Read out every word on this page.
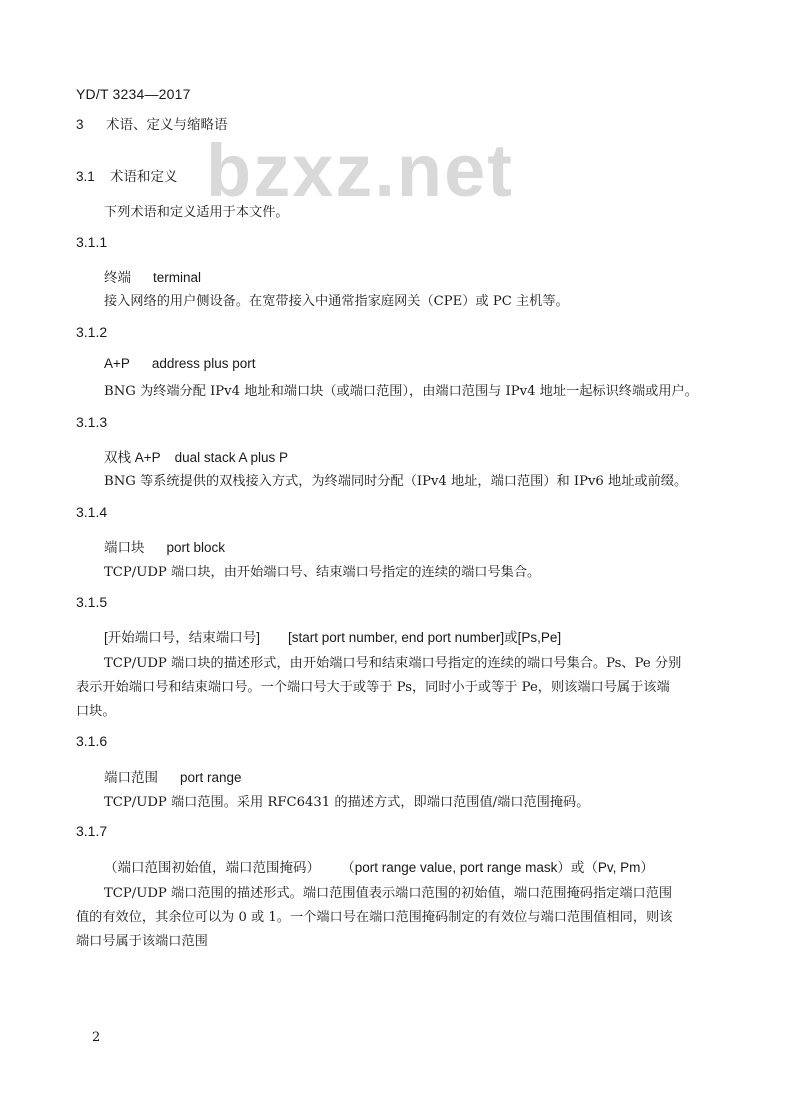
bzxz.net
YD/T 3234—2017
3 术语、定义与缩略语
3.1 术语和定义
下列术语和定义适用于本文件。
3.1.1
终端 terminal
接入网络的用户侧设备。在宽带接入中通常指家庭网关（CPE）或 PC 主机等。
3.1.2
A+P address plus port
BNG 为终端分配 IPv4 地址和端口块（或端口范围），由端口范围与 IPv4 地址一起标识终端或用户。
3.1.3
双栈 A+P dual stack A plus P
BNG 等系统提供的双栈接入方式，为终端同时分配（IPv4 地址，端口范围）和 IPv6 地址或前缀。
3.1.4
端口块 port block
TCP/UDP 端口块，由开始端口号、结束端口号指定的连续的端口号集合。
3.1.5
[开始端口号，结束端口号] [start port number, end port number]或[Ps,Pe]
TCP/UDP 端口块的描述形式，由开始端口号和结束端口号指定的连续的端口号集合。Ps、Pe 分别
表示开始端口号和结束端口号。一个端口号大于或等于 Ps，同时小于或等于 Pe，则该端口号属于该端
口块。
3.1.6
端口范围 port range
TCP/UDP 端口范围。采用 RFC6431 的描述方式，即端口范围值/端口范围掩码。
3.1.7
（端口范围初始值，端口范围掩码） （port range value, port range mask）或（Pv, Pm）
TCP/UDP 端口范围的描述形式。端口范围值表示端口范围的初始值，端口范围掩码指定端口范围
值的有效位，其余位可以为 0 或 1。一个端口号在端口范围掩码制定的有效位与端口范围值相同，则该
端口号属于该端口范围
2
